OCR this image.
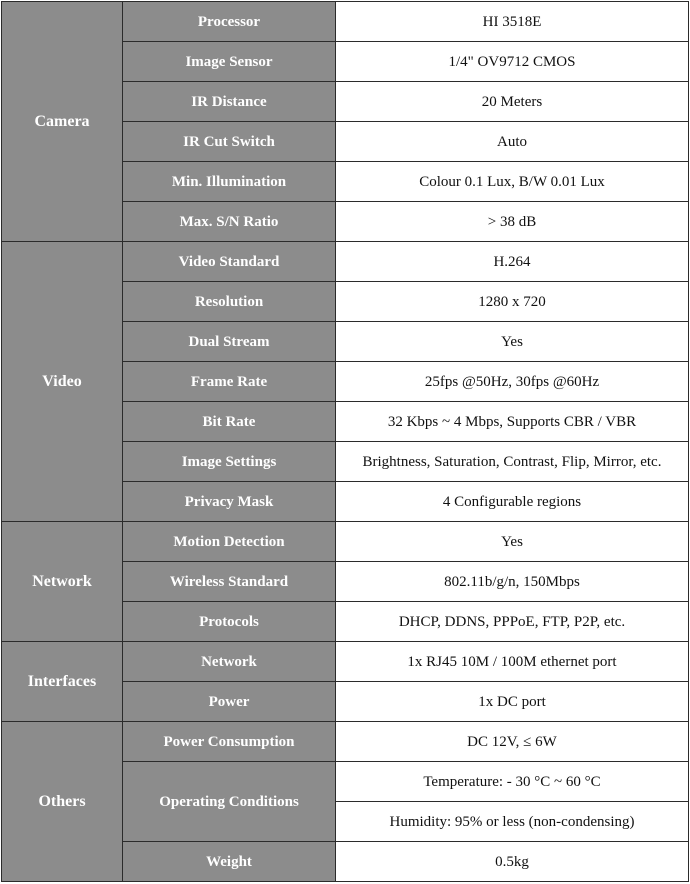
Camera	Processor	HI 3518E
	Image Sensor	1/4" OV9712 CMOS
	IR Distance	20 Meters
	IR Cut Switch	Auto
	Min. Illumination	Colour 0.1 Lux, B/W 0.01 Lux
	Max. S/N Ratio	> 38 dB
Video	Video Standard	H.264
	Resolution	1280 x 720
	Dual Stream	Yes
	Frame Rate	25fps @50Hz, 30fps @60Hz
	Bit Rate	32 Kbps ~ 4 Mbps, Supports CBR / VBR
	Image Settings	Brightness, Saturation, Contrast, Flip, Mirror, etc.
	Privacy Mask	4 Configurable regions
Network	Motion Detection	Yes
	Wireless Standard	802.11b/g/n, 150Mbps
	Protocols	DHCP, DDNS, PPPoE, FTP, P2P, etc.
Interfaces	Network	1x RJ45 10M / 100M ethernet port
	Power	1x DC port
Others	Power Consumption	DC 12V, ≤ 6W
	Operating Conditions	Temperature: - 30 °C ~ 60 °C
		Humidity: 95% or less (non-condensing)
	Weight	0.5kg
